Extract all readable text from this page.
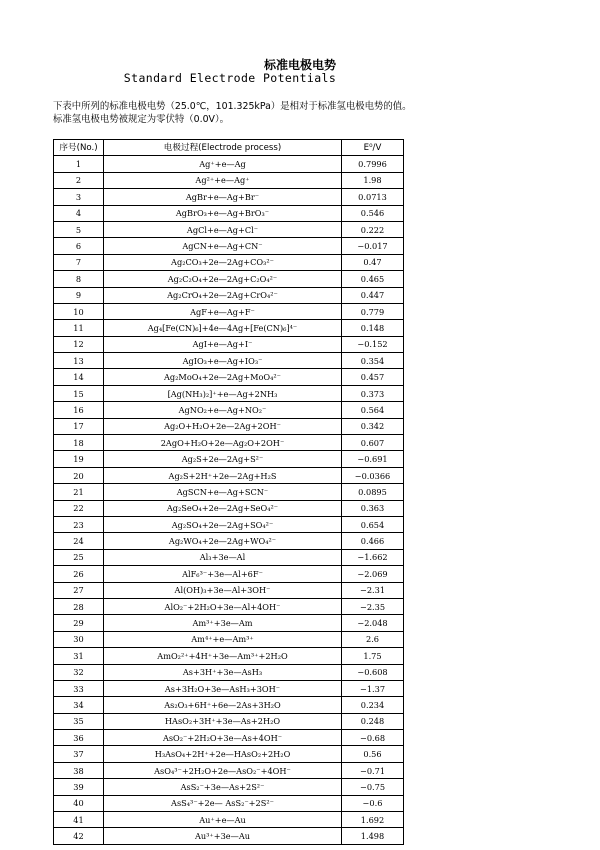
标准电极电势
Standard Electrode Potentials
下表中所列的标准电极电势（25.0℃，101.325kPa）是相对于标准氢电极电势的值。标准氢电极电势被规定为零伏特（0.0V）。
序号(No.)	电极过程(Electrode process)	E⁰/V
1	Ag⁺+e—Ag	0.7996
2	Ag²⁺+e—Ag⁺	1.98
3	AgBr+e—Ag+Br⁻	0.0713
4	AgBrO₃+e—Ag+BrO₃⁻	0.546
5	AgCl+e—Ag+Cl⁻	0.222
6	AgCN+e—Ag+CN⁻	−0.017
7	Ag₂CO₃+2e—2Ag+CO₃²⁻	0.47
8	Ag₂C₂O₄+2e—2Ag+C₂O₄²⁻	0.465
9	Ag₂CrO₄+2e—2Ag+CrO₄²⁻	0.447
10	AgF+e—Ag+F⁻	0.779
11	Ag₄[Fe(CN)₆]+4e—4Ag+[Fe(CN)₆]⁴⁻	0.148
12	AgI+e—Ag+I⁻	−0.152
13	AgIO₃+e—Ag+IO₃⁻	0.354
14	Ag₂MoO₄+2e—2Ag+MoO₄²⁻	0.457
15	[Ag(NH₃)₂]⁺+e—Ag+2NH₃	0.373
16	AgNO₂+e—Ag+NO₂⁻	0.564
17	Ag₂O+H₂O+2e—2Ag+2OH⁻	0.342
18	2AgO+H₂O+2e—Ag₂O+2OH⁻	0.607
19	Ag₂S+2e—2Ag+S²⁻	−0.691
20	Ag₂S+2H⁺+2e—2Ag+H₂S	−0.0366
21	AgSCN+e—Ag+SCN⁻	0.0895
22	Ag₂SeO₄+2e—2Ag+SeO₄²⁻	0.363
23	Ag₂SO₄+2e—2Ag+SO₄²⁻	0.654
24	Ag₂WO₄+2e—2Ag+WO₄²⁻	0.466
25	Al₃+3e—Al	−1.662
26	AlF₆³⁻+3e—Al+6F⁻	−2.069
27	Al(OH)₃+3e—Al+3OH⁻	−2.31
28	AlO₂⁻+2H₂O+3e—Al+4OH⁻	−2.35
29	Am³⁺+3e—Am	−2.048
30	Am⁴⁺+e—Am³⁺	2.6
31	AmO₂²⁺+4H⁺+3e—Am³⁺+2H₂O	1.75
32	As+3H⁺+3e—AsH₃	−0.608
33	As+3H₂O+3e—AsH₃+3OH⁻	−1.37
34	As₂O₃+6H⁺+6e—2As+3H₂O	0.234
35	HAsO₂+3H⁺+3e—As+2H₂O	0.248
36	AsO₂⁻+2H₂O+3e—As+4OH⁻	−0.68
37	H₃AsO₄+2H⁺+2e—HAsO₂+2H₂O	0.56
38	AsO₄³⁻+2H₂O+2e—AsO₂⁻+4OH⁻	−0.71
39	AsS₂⁻+3e—As+2S²⁻	−0.75
40	AsS₄³⁻+2e— AsS₂⁻+2S²⁻	−0.6
41	Au⁺+e—Au	1.692
42	Au³⁺+3e—Au	1.498
